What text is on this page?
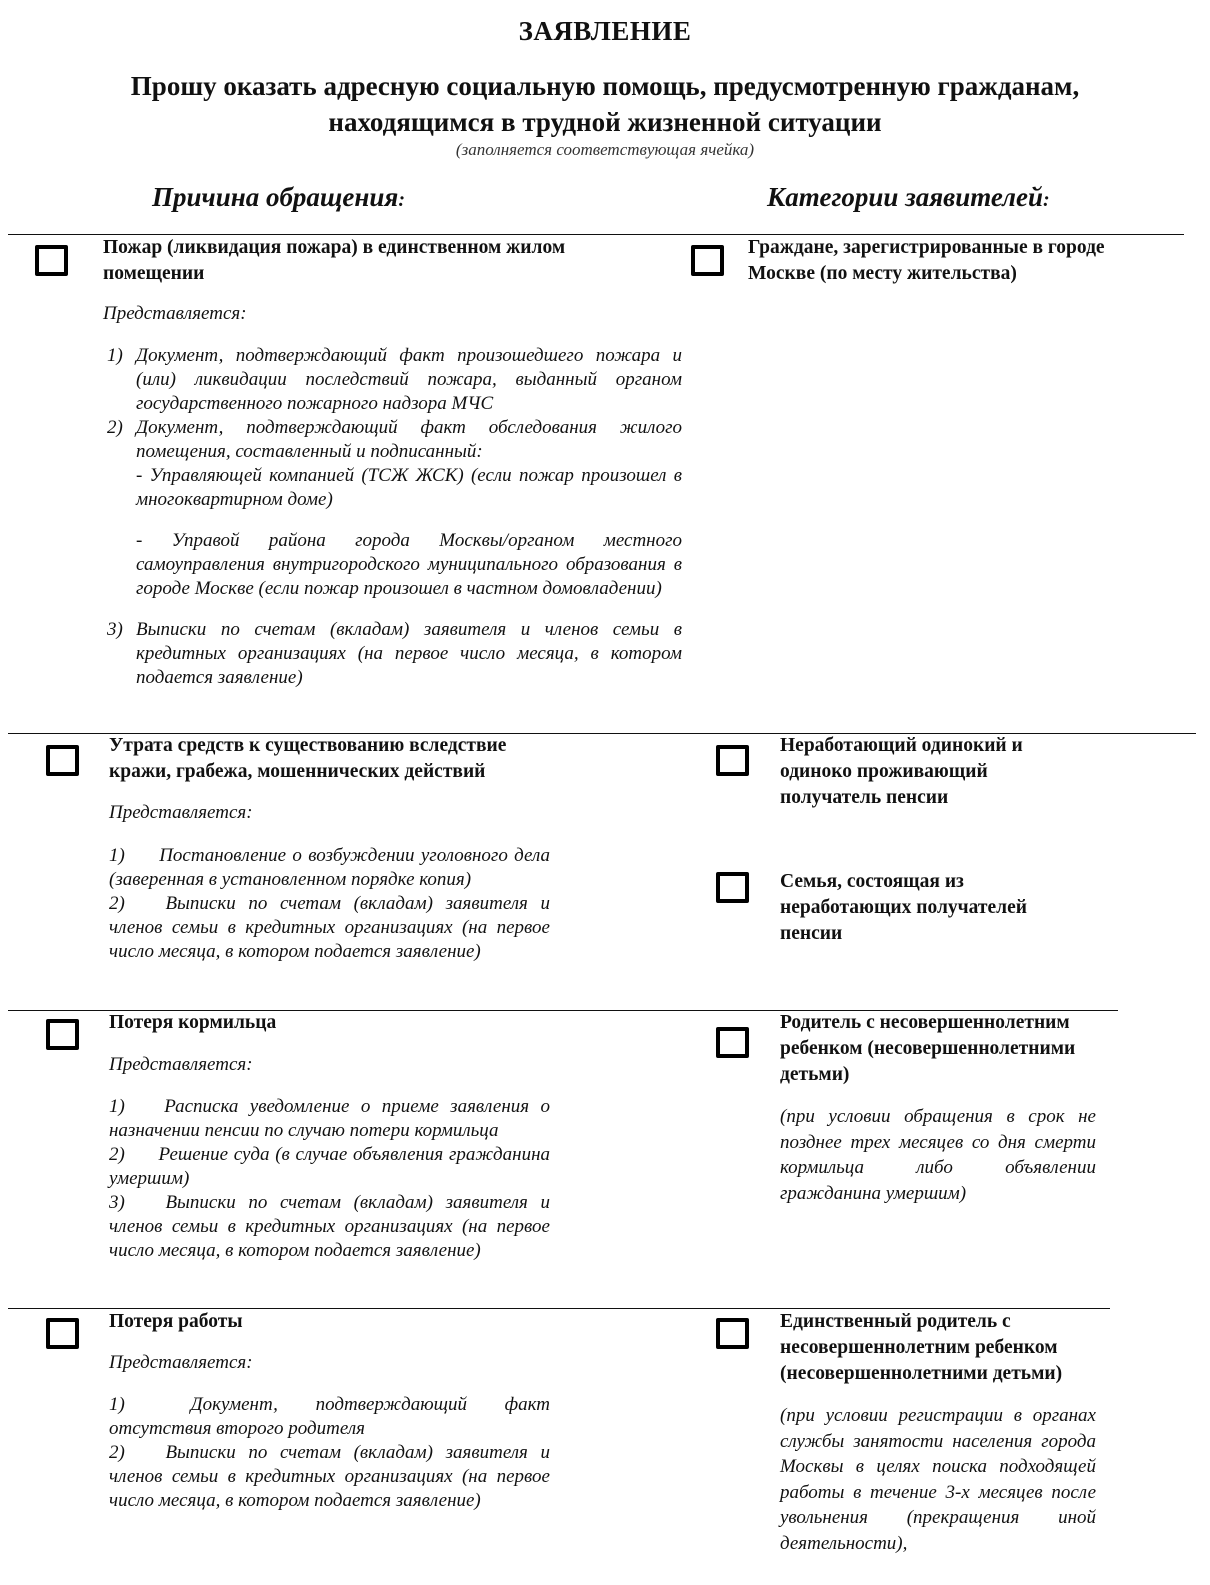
ЗАЯВЛЕНИЕ
Прошу оказать адресную социальную помощь, предусмотренную гражданам,
находящимся в трудной жизненной ситуации
(заполняется соответствующая ячейка)
Причина обращения:	Категории заявителей:
Пожар (ликвидация пожара) в единственном жилом помещении
Представляется:
1) Документ, подтверждающий факт произошедшего пожара и (или) ликвидации последствий пожара, выданный органом государственного пожарного надзора МЧС
2) Документ, подтверждающий факт обследования жилого помещения, составленный и подписанный:
- Управляющей компанией (ТСЖ ЖСК) (если пожар произошел в многоквартирном доме)
- Управой района города Москвы/органом местного самоуправления внутригородского муниципального образования в городе Москве (если пожар произошел в частном домовладении)
3) Выписки по счетам (вкладам) заявителя и членов семьи в кредитных организациях (на первое число месяца, в котором подается заявление)
Граждане, зарегистрированные в городе Москве (по месту жительства)
Утрата средств к существованию вследствие кражи, грабежа, мошеннических действий
Представляется:
1) Постановление о возбуждении уголовного дела (заверенная в установленном порядке копия)
2) Выписки по счетам (вкладам) заявителя и членов семьи в кредитных организациях (на первое число месяца, в котором подается заявление)
Неработающий одинокий и одиноко проживающий получатель пенсии
Семья, состоящая из неработающих получателей пенсии
Потеря кормильца
Представляется:
1) Расписка уведомление о приеме заявления о назначении пенсии по случаю потери кормильца
2) Решение суда (в случае объявления гражданина умершим)
3) Выписки по счетам (вкладам) заявителя и членов семьи в кредитных организациях (на первое число месяца, в котором подается заявление)
Родитель с несовершеннолетним ребенком (несовершеннолетними детьми)
(при условии обращения в срок не позднее трех месяцев со дня смерти кормильца либо объявлении гражданина умершим)
Потеря работы
Представляется:
1)	Документ, подтверждающий факт отсутствия второго родителя
2) Выписки по счетам (вкладам) заявителя и членов семьи в кредитных организациях (на первое число месяца, в котором подается заявление)
Единственный родитель с несовершеннолетним ребенком (несовершеннолетними детьми)
(при условии регистрации в органах службы занятости населения города Москвы в целях поиска подходящей работы в течение 3-х месяцев после увольнения (прекращения иной деятельности),
